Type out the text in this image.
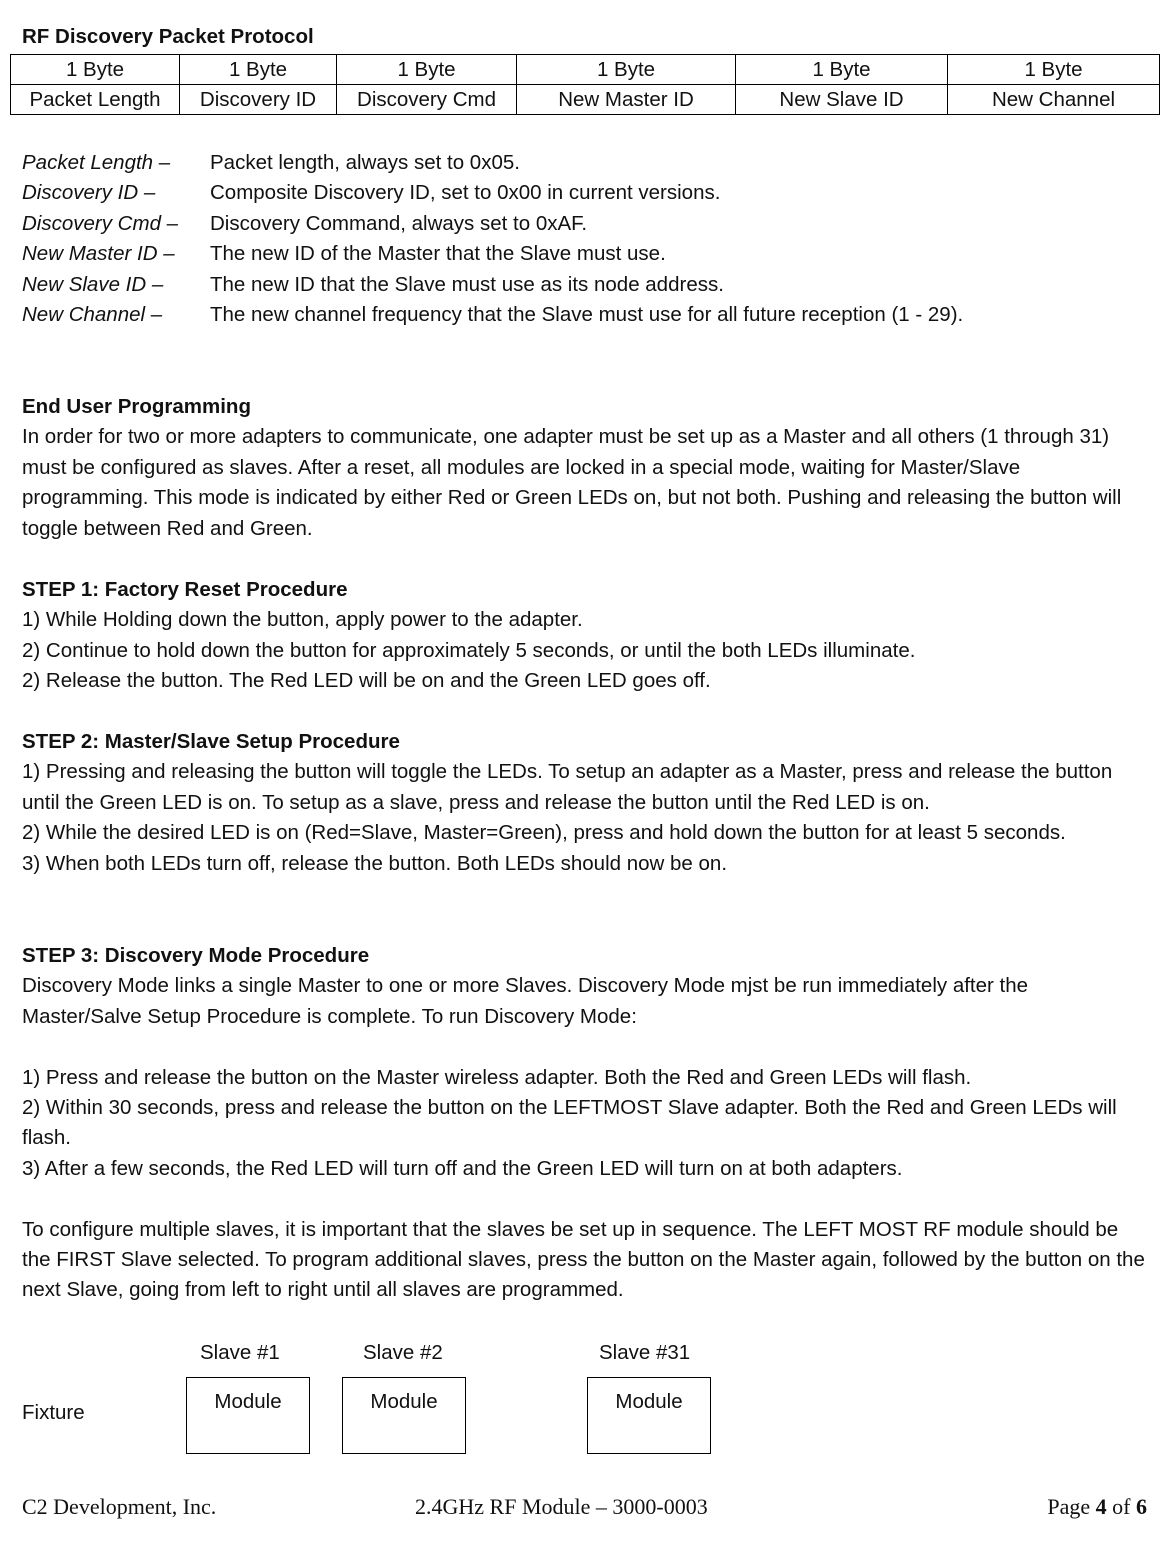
RF Discovery Packet Protocol
1 Byte	1 Byte	1 Byte	1 Byte	1 Byte	1 Byte
Packet Length	Discovery ID	Discovery Cmd	New Master ID	New Slave ID	New Channel
Packet Length – Packet length, always set to 0x05.
Discovery ID –	Composite Discovery ID, set to 0x00 in current versions.
Discovery Cmd – Discovery Command, always set to 0xAF.
New Master ID – The new ID of the Master that the Slave must use.
New Slave ID – The new ID that the Slave must use as its node address.
New Channel – The new channel frequency that the Slave must use for all future reception (1 - 29).

End User Programming

In order for two or more adapters to communicate, one adapter must be set up as a Master and all others (1 through 31) must be configured as slaves. After a reset, all modules are locked in a special mode, waiting for Master/Slave programming. This mode is indicated by either Red or Green LEDs on, but not both. Pushing and releasing the button will toggle between Red and Green.

STEP 1: Factory Reset Procedure

1) While Holding down the button, apply power to the adapter.

2) Continue to hold down the button for approximately 5 seconds, or until the both LEDs illuminate.

2) Release the button. The Red LED will be on and the Green LED goes off.

STEP 2: Master/Slave Setup Procedure

1) Pressing and releasing the button will toggle the LEDs. To setup an adapter as a Master, press and release the button until the Green LED is on. To setup as a slave, press and release the button until the Red LED is on.

2) While the desired LED is on (Red=Slave, Master=Green), press and hold down the button for at least 5 seconds.

3) When both LEDs turn off, release the button. Both LEDs should now be on.

STEP 3: Discovery Mode Procedure

Discovery Mode links a single Master to one or more Slaves. Discovery Mode mjst be run immediately after the Master/Salve Setup Procedure is complete. To run Discovery Mode:

1) Press and release the button on the Master wireless adapter. Both the Red and Green LEDs will flash.

2) Within 30 seconds, press and release the button on the LEFTMOST Slave adapter. Both the Red and Green LEDs will flash.

3) After a few seconds, the Red LED will turn off and the Green LED will turn on at both adapters.

To configure multiple slaves, it is important that the slaves be set up in sequence. The LEFT MOST RF module should be the FIRST Slave selected. To program additional slaves, press the button on the Master again, followed by the button on the next Slave, going from left to right until all slaves are programmed.

Slave #1	Slave #2	Slave #31
Fixture	Module	Module	Module
C2 Development, Inc.	2.4GHz RF Module – 3000-0003	Page 4 of 6
